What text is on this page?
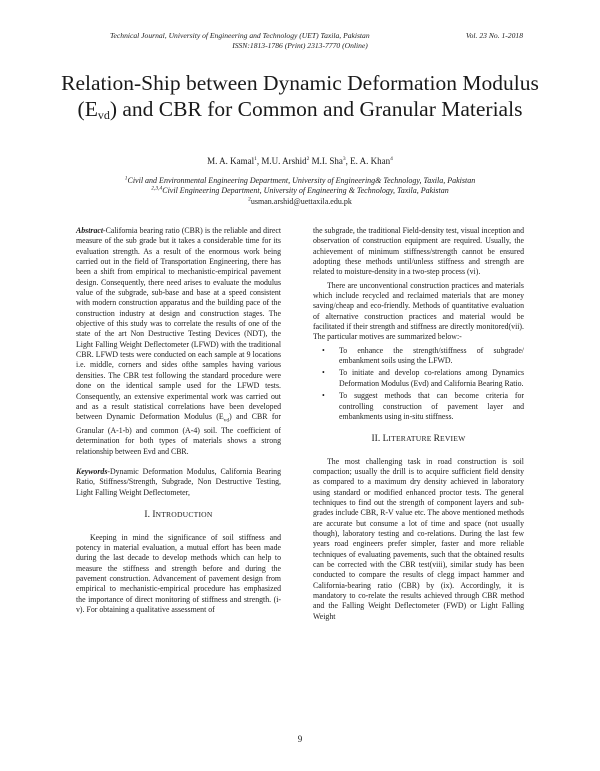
Technical Journal, University of Engineering and Technology (UET) Taxila, Pakistan	Vol. 23 No. 1-2018
ISSN:1813-1786 (Print) 2313-7770 (Online)
Relation-Ship between Dynamic Deformation Modulus $(E_{vd})$ and CBR for Common and Granular Materials
M. A. Kamal$^1$, M.U. Arshid$^2$ M.I. Sha$^3$, E. A. Khan$^4$
$^1$Civil and Environmental Engineering Department, University of Engineering& Technology, Taxila, Pakistan
$^{2,3,4}$Civil Engineering Department, University of Engineering & Technology, Taxila, Pakistan
$^2$usman.arshid@uettaxila.edu.pk

Abstract-California bearing ratio (CBR) is the reliable and direct measure of the sub grade but it takes a considerable time for its evaluation strength. As a result of the enormous work being carried out in the field of Transportation Engineering, there has been a shift from empirical to mechanistic-empirical pavement design. Consequently, there need arises to evaluate the modulus value of the subgrade, sub-base and base at a speed consistent with modern construction apparatus and the building pace of the construction industry at design and construction stages. The objective of this study was to correlate the results of one of the state of the art Non Destructive Testing Devices (NDT), the Light Falling Weight Deflectometer (LFWD) with the traditional CBR. LFWD tests were conducted on each sample at 9 locations i.e. middle, corners and sides ofthe samples having various densities. The CBR test following the standard procedure were done on the identical sample used for the LFWD tests. Consequently, an extensive experimental work was carried out and as a result statistical correlations have been developed between Dynamic Deformation Modulus $(E_{vd})$ and CBR for Granular (A-1-b) and common (A-4) soil. The coefficient of determination for both types of materials shows a strong relationship between Evd and CBR.

Keywords-Dynamic Deformation Modulus, California Bearing Ratio, Stiffness/Strength, Subgrade, Non Destructive Testing, Light Falling Weight Deflectometer,

I. INTRODUCTION

Keeping in mind the significance of soil stiffness and potency in material evaluation, a mutual effort has been made during the last decade to develop methods which can help to measure the stiffness and strength before and during the pavement construction. Advancement of pavement design from empirical to mechanistic-empirical procedure has emphasized the importance of direct monitoring of stiffness and strength. (i-v). For obtaining a qualitative assessment of

the subgrade, the traditional Field-density test, visual inception and observation of construction equipment are required. Usually, the achievement of minimum stiffness/strength cannot be ensured adopting these methods until/unless stiffness and strength are related to moisture-density in a two-step process (vi).

There are unconventional construction practices and materials which include recycled and reclaimed materials that are money saving/cheap and eco-friendly. Methods of quantitative evaluation of alternative construction practices and material would be facilitated if their strength and stiffness are directly monitored(vii). The particular motives are summarized below:-

• To enhance the strength/stiffness of subgrade/ embankment soils using the LFWD.
• To initiate and develop co-relations among Dynamics Deformation Modulus (Evd) and California Bearing Ratio.
• To suggest methods that can become criteria for controlling construction of pavement layer and embankments using in-situ stiffness.

II. LITERATURE REVIEW

The most challenging task in road construction is soil compaction; usually the drill is to acquire sufficient field density as compared to a maximum dry density achieved in laboratory using standard or modified enhanced proctor tests. The general techniques to find out the strength of component layers and sub-grades include CBR, R-V value etc. The above mentioned methods are accurate but consume a lot of time and space (not usually though), laboratory testing and co-relations. During the last few years road engineers prefer simpler, faster and more reliable techniques of evaluating pavements, such that the obtained results can be corrected with the CBR test(viii), similar study has been conducted to compare the results of clegg impact hammer and California-bearing ratio (CBR) by (ix). Accordingly, it is mandatory to co-relate the results achieved through CBR method and the Falling Weight Deflectometer (FWD) or Light Falling Weight

9
